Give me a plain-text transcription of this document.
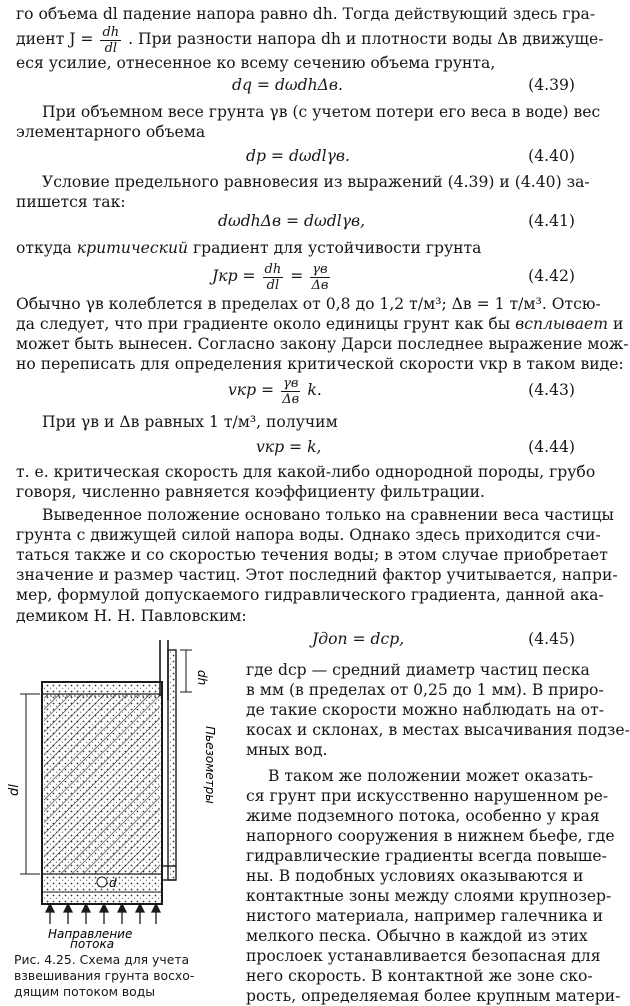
го объема dl падение напора равно dh. Тогда действующий здесь гра-
диент $J = \frac{dh}{dl}$ . При разности напора dh и плотности воды Δв движуще-
еся усилие, отнесенное ко всему сечению объема грунта,
dq = dωdhΔв.	(4.39)
При объемном весе грунта γв (с учетом потери его веса в воде) вес
элементарного объема
dp = dωdlγв.	(4.40)
Условие предельного равновесия из выражений (4.39) и (4.40) за-
пишется так:
dωdhΔв = dωdlγв,	(4.41)
откуда критический градиент для устойчивости грунта
Jкр = $\frac{dh}{dl} = \frac{\gamma в}{\Delta в}$	(4.42)
Обычно γв колеблется в пределах от 0,8 до 1,2 т/м³; Δв = 1 т/м³. Отсю-
да следует, что при градиенте около единицы грунт как бы всплывает и
может быть вынесен. Согласно закону Дарси последнее выражение мож-
но переписать для определения критической скорости vкр в таком виде:
vкр = $\frac{\gamma в}{\Delta в} k$.	(4.43)
При γв и Δв равных 1 т/м³, получим
vкр = k,	(4.44)
т. е. критическая скорость для какой-либо однородной породы, грубо
говоря, численно равняется коэффициенту фильтрации.
Выведенное положение основано только на сравнении веса частицы
грунта с движущей силой напора воды. Однако здесь приходится счи-
таться также и со скоростью течения воды; в этом случае приобретает
значение и размер частиц. Этот последний фактор учитывается, напри-
мер, формулой допускаемого гидравлического градиента, данной ака-
демиком Н. Н. Павловским:
Jдоп = dср,	(4.45)
где dср — средний диаметр частиц песка
в мм (в пределах от 0,25 до 1 мм). В приро-
де такие скорости можно наблюдать на от-
косах и склонах, в местах высачивания подзе-
мных вод.
В таком же положении может оказать-
ся грунт при искусственно нарушенном ре-
жиме подземного потока, особенно у края
напорного сооружения в нижнем бьефе, где
гидравлические градиенты всегда повыше-
ны. В подобных условиях оказываются и
контактные зоны между слоями крупнозер-
нистого материала, например галечника и
мелкого песка. Обычно в каждой из этих
прослоек устанавливается безопасная для
него скорость. В контактной же зоне ско-
рость, определяемая более крупным матери-
dh
Пьезометры
dl
d
Направление
потока
Рис. 4.25. Схема для учета
взвешивания грунта восхо-
дящим потоком воды
